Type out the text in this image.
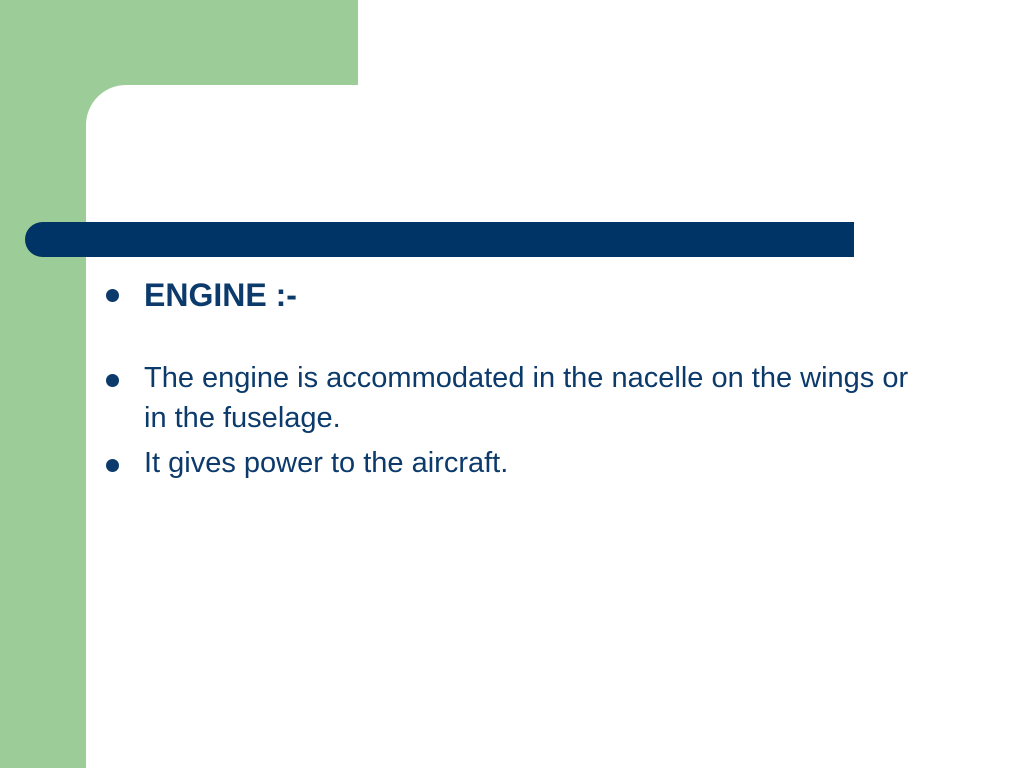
ENGINE :-
The engine is accommodated in the nacelle on the wings or in the fuselage.
It gives power to the aircraft.
